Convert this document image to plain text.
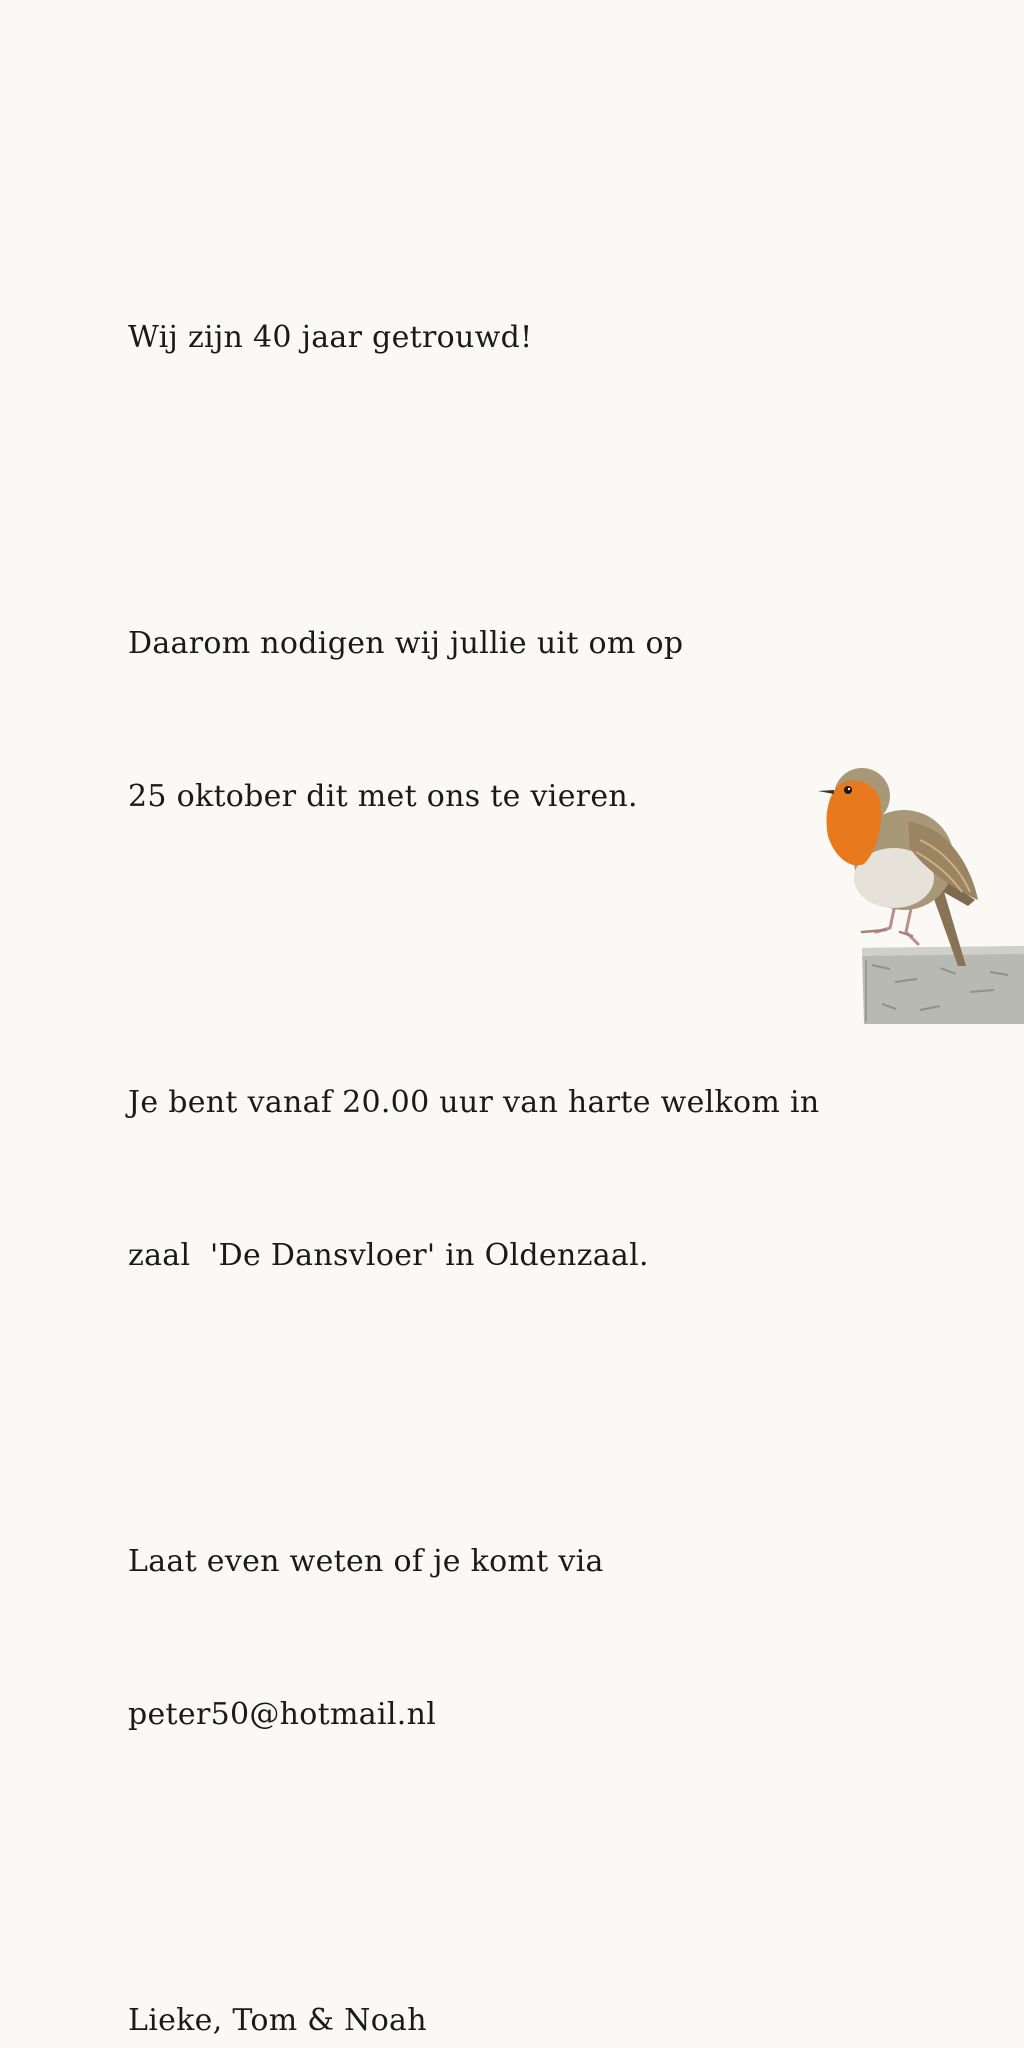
Wij zijn 40 jaar getrouwd!

Daarom nodigen wij jullie uit om op

25 oktober dit met ons te vieren.

Je bent vanaf 20.00 uur van harte welkom in

zaal  'De Dansvloer' in Oldenzaal.

Laat even weten of je komt via

peter50@hotmail.nl

Lieke, Tom & Noah
